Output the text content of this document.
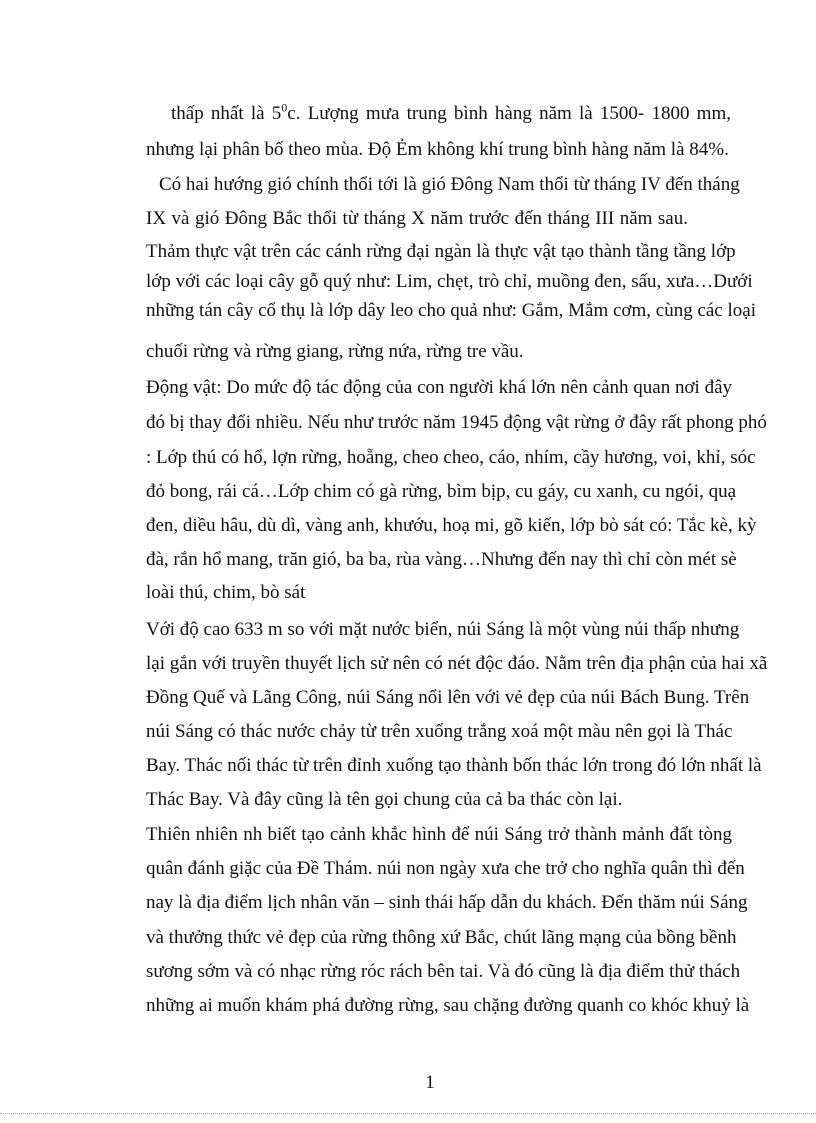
thấp nhất là $5^0c$. Lượng mưa trung bình hàng năm là 1500- 1800 mm,

nhưng lại phân bố theo mùa. Độ Ẻm không khí trung bình hàng năm là 84%.

Có hai hướng gió chính thổi tới là gió Đông Nam thổi từ tháng IV đến tháng

IX và gió Đông Bắc thổi từ tháng X năm trước đến tháng III năm sau.

Thảm thực vật trên các cánh rừng đại ngàn là thực vật tạo thành tầng tầng lớp

lớp với các loại cây gỗ quý như: Lim, chẹt, trò chỉ, muồng đen, sấu, xưa…Dưới

những tán cây cổ thụ là lớp dây leo cho quả như: Gắm, Mắm cơm, cùng các loại

chuối rừng và rừng giang, rừng nứa, rừng tre vầu.

Động vật: Do mức độ tác động của con người khá lớn nên cảnh quan nơi đây

đó bị thay đổi nhiều. Nếu như trước năm 1945 động vật rừng ở đây rất phong phó

: Lớp thú có hổ, lợn rừng, hoẵng, cheo cheo, cáo, nhím, cầy hương, voi, khỉ, sóc

đỏ bong, rái cá…Lớp chim có gà rừng, bìm bịp, cu gáy, cu xanh, cu ngói, quạ

đen, diều hâu, dù dì, vàng anh, khướu, hoạ mi, gõ kiến, lớp bò sát có: Tắc kè, kỳ

đà, rắn hổ mang, trăn gió, ba ba, rùa vàng…Nhưng đến nay thì chỉ còn mét sè

loài thú, chim, bò sát

Với độ cao 633 m so với mặt nước biển, núi Sáng là một vùng núi thấp nhưng

lại gắn với truyền thuyết lịch sử nên có nét độc đáo. Nằm trên địa phận của hai xã

Đồng Quế và Lãng Công, núi Sáng nổi lên với vẻ đẹp của núi Bách Bung. Trên

núi Sáng có thác nước chảy từ trên xuống trắng xoá một màu nên gọi là Thác

Bay. Thác nối thác từ trên đỉnh xuống tạo thành bốn thác lớn trong đó lớn nhất là

Thác Bay. Và đây cũng là tên gọi chung của cả ba thác còn lại.

Thiên nhiên nh biết tạo cảnh khắc hình để núi Sáng trở thành mảnh đất tòng

quân đánh giặc của Đề Thám. núi non ngày xưa che trở cho nghĩa quân thì đến

nay là địa điểm lịch nhân văn – sinh thái hấp dẫn du khách. Đến thăm núi Sáng

và thưởng thức vẻ đẹp của rừng thông xứ Bắc, chút lãng mạng của bồng bềnh

sương sớm và có nhạc rừng róc rách bên tai. Và đó cũng là địa điểm thử thách

những ai muốn khám phá đường rừng, sau chặng đường quanh co khóc khuỷ là

1
